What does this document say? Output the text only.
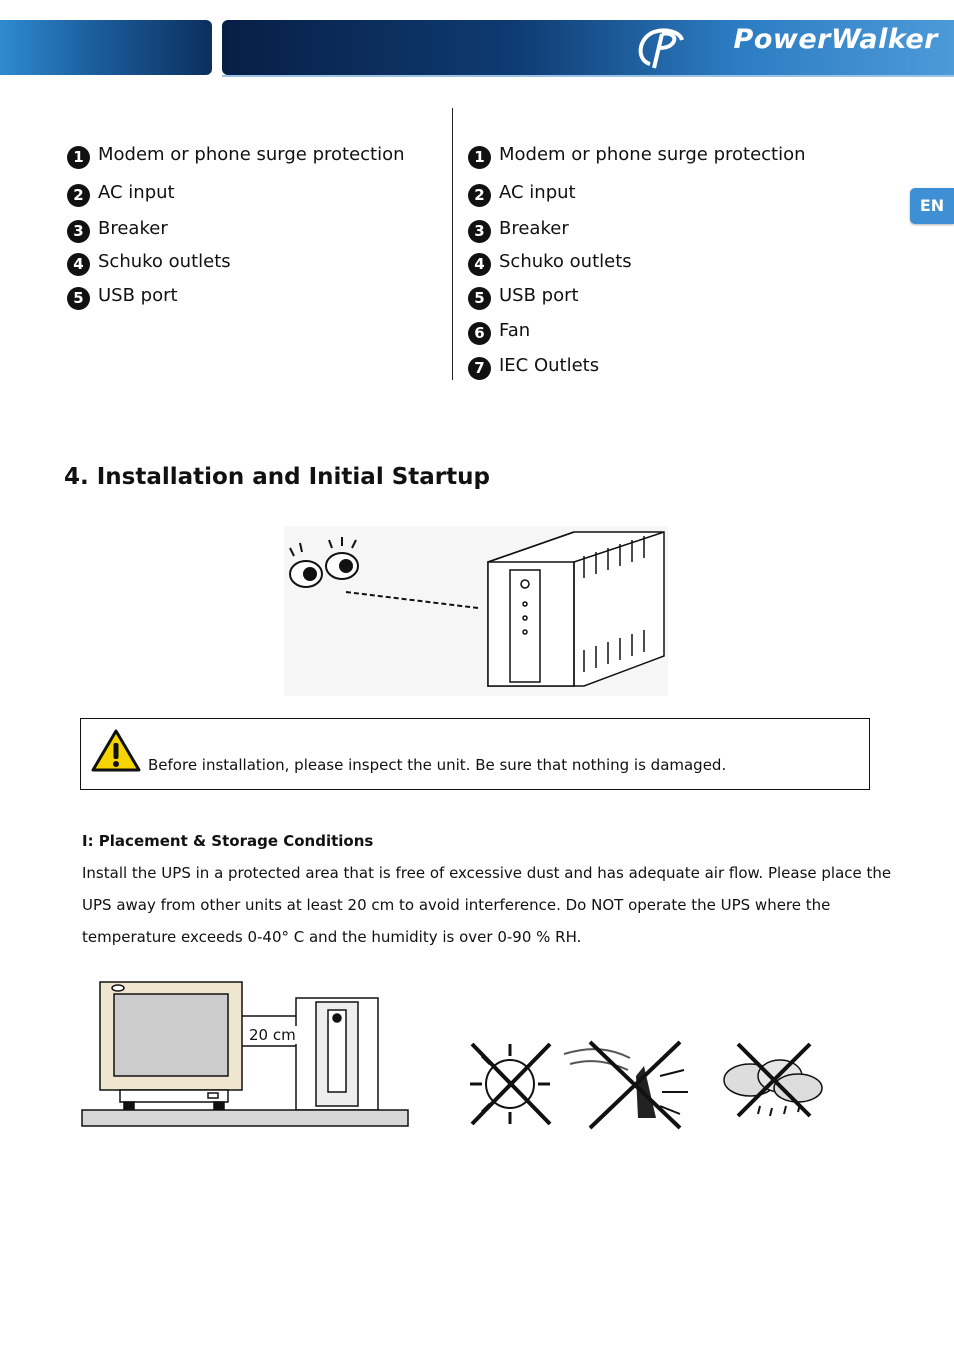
PowerWalker
EN
1 Modem or phone surge protection
2 AC input
3 Breaker
4 Schuko outlets
5 USB port
1 Modem or phone surge protection
2 AC input
3 Breaker
4 Schuko outlets
5 USB port
6 Fan
7 IEC Outlets
4. Installation and Initial Startup
Before installation, please inspect the unit. Be sure that nothing is damaged.
I: Placement & Storage Conditions
Install the UPS in a protected area that is free of excessive dust and has adequate air flow. Please place the
UPS away from other units at least 20 cm to avoid interference. Do NOT operate the UPS where the
temperature exceeds 0-40° C and the humidity is over 0-90 % RH.
20 cm
